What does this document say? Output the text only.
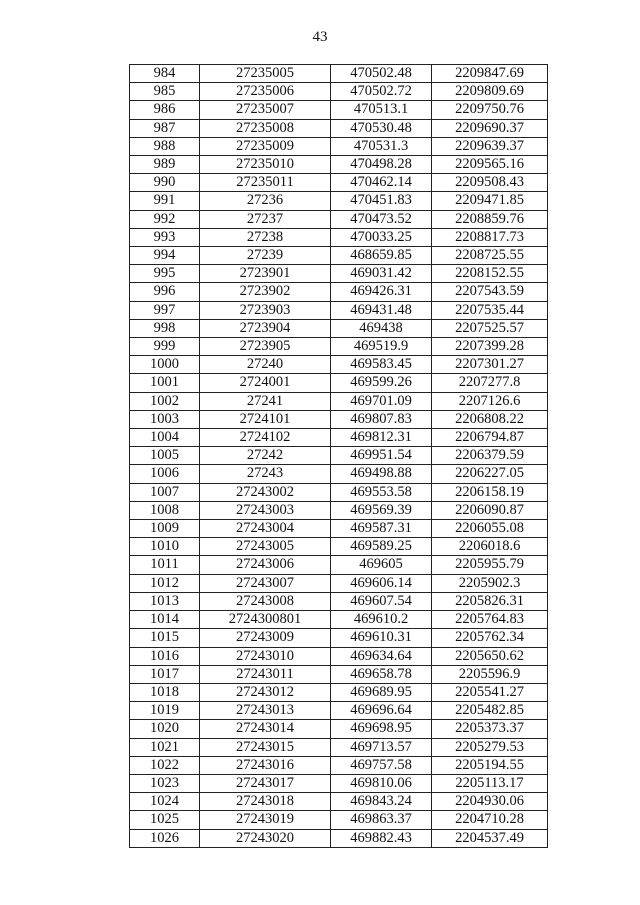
43
984	27235005	470502.48	2209847.69
985	27235006	470502.72	2209809.69
986	27235007	470513.1	2209750.76
987	27235008	470530.48	2209690.37
988	27235009	470531.3	2209639.37
989	27235010	470498.28	2209565.16
990	27235011	470462.14	2209508.43
991	27236	470451.83	2209471.85
992	27237	470473.52	2208859.76
993	27238	470033.25	2208817.73
994	27239	468659.85	2208725.55
995	2723901	469031.42	2208152.55
996	2723902	469426.31	2207543.59
997	2723903	469431.48	2207535.44
998	2723904	469438	2207525.57
999	2723905	469519.9	2207399.28
1000	27240	469583.45	2207301.27
1001	2724001	469599.26	2207277.8
1002	27241	469701.09	2207126.6
1003	2724101	469807.83	2206808.22
1004	2724102	469812.31	2206794.87
1005	27242	469951.54	2206379.59
1006	27243	469498.88	2206227.05
1007	27243002	469553.58	2206158.19
1008	27243003	469569.39	2206090.87
1009	27243004	469587.31	2206055.08
1010	27243005	469589.25	2206018.6
1011	27243006	469605	2205955.79
1012	27243007	469606.14	2205902.3
1013	27243008	469607.54	2205826.31
1014	2724300801	469610.2	2205764.83
1015	27243009	469610.31	2205762.34
1016	27243010	469634.64	2205650.62
1017	27243011	469658.78	2205596.9
1018	27243012	469689.95	2205541.27
1019	27243013	469696.64	2205482.85
1020	27243014	469698.95	2205373.37
1021	27243015	469713.57	2205279.53
1022	27243016	469757.58	2205194.55
1023	27243017	469810.06	2205113.17
1024	27243018	469843.24	2204930.06
1025	27243019	469863.37	2204710.28
1026	27243020	469882.43	2204537.49
